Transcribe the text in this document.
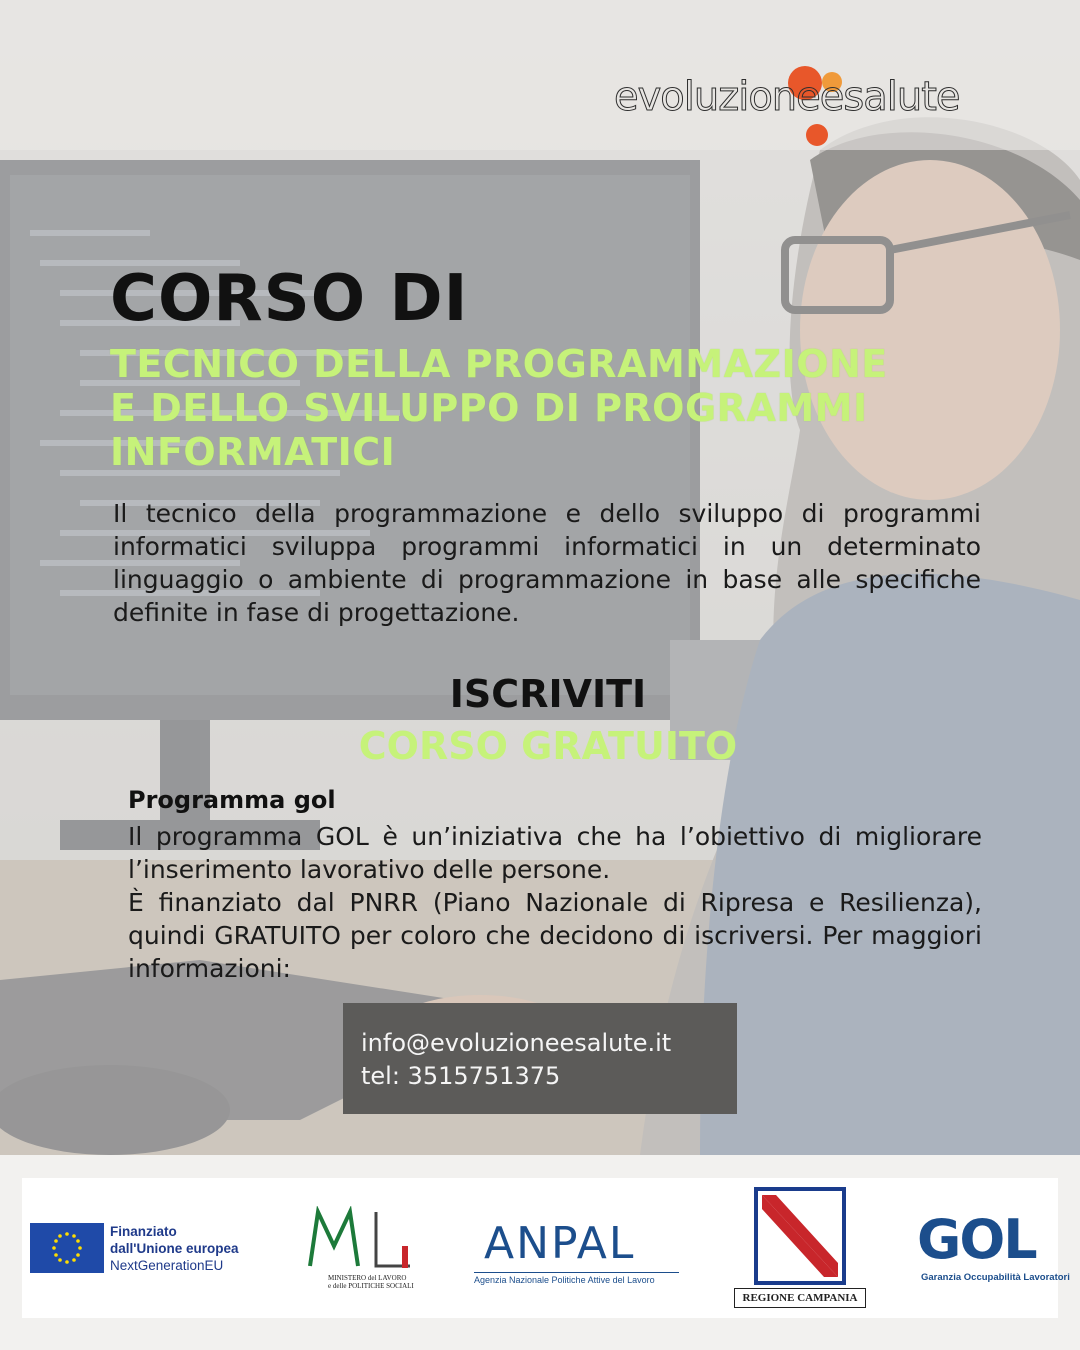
evoluzioneesalute
CORSO DI
TECNICO DELLA PROGRAMMAZIONE
E DELLO SVILUPPO DI PROGRAMMI
INFORMATICI

Il tecnico della programmazione e dello sviluppo di programmi informatici sviluppa programmi informatici in un determinato linguaggio o ambiente di programmazione in base alle specifiche definite in fase di progettazione.

ISCRIVITI

CORSO GRATUITO

Programma gol

Il programma GOL è un’iniziativa che ha l’obiettivo di migliorare l’inserimento lavorativo delle persone.

È finanziato dal PNRR (Piano Nazionale di Ripresa e Resilienza), quindi GRATUITO per coloro che decidono di iscriversi. Per maggiori informazioni:

info@evoluzioneesalute.it
tel: 3515751375
Finanziato
dall'Unione europea
NextGenerationEU
MINISTERO del LAVORO
e delle POLITICHE SOCIALI
ANPAL
Agenzia Nazionale Politiche Attive del Lavoro
REGIONE CAMPANIA
GOL
Garanzia Occupabilità Lavoratori
